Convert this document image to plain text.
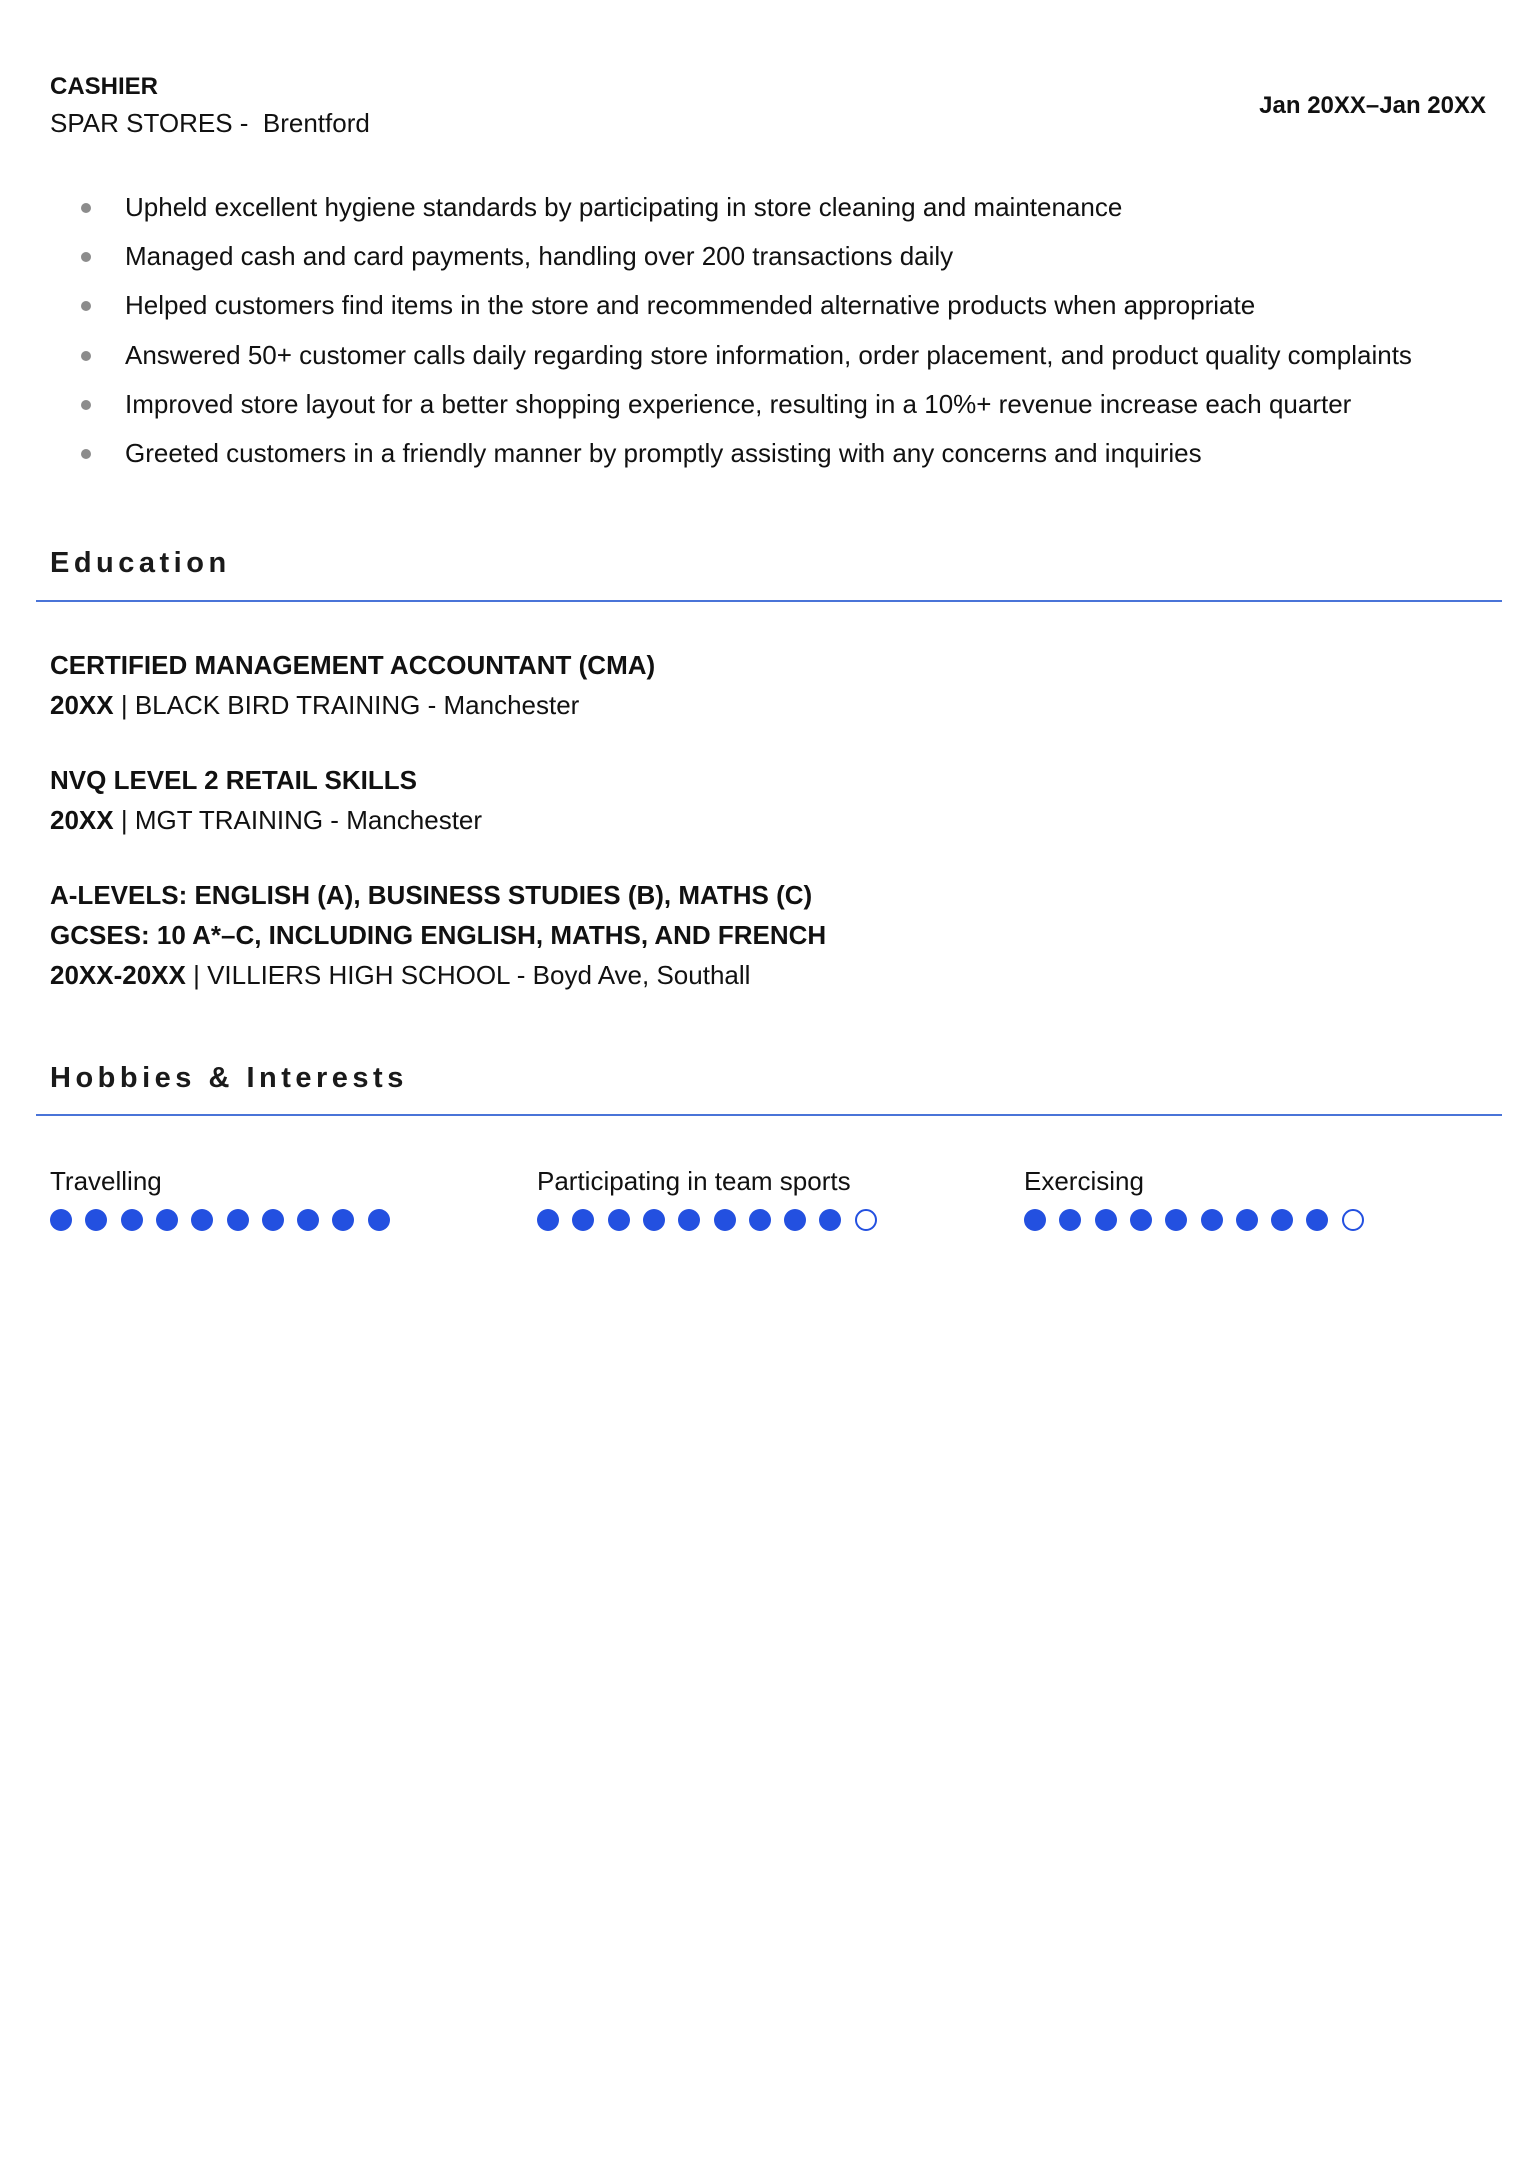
CASHIER
SPAR STORES -  Brentford
Jan 20XX–Jan 20XX
Upheld excellent hygiene standards by participating in store cleaning and maintenance
Managed cash and card payments, handling over 200 transactions daily
Helped customers find items in the store and recommended alternative products when appropriate
Answered 50+ customer calls daily regarding store information, order placement, and product quality complaints
Improved store layout for a better shopping experience, resulting in a 10%+ revenue increase each quarter
Greeted customers in a friendly manner by promptly assisting with any concerns and inquiries
Education
CERTIFIED MANAGEMENT ACCOUNTANT (CMA)
20XX | BLACK BIRD TRAINING - Manchester
NVQ LEVEL 2 RETAIL SKILLS
20XX | MGT TRAINING - Manchester
A-LEVELS: ENGLISH (A), BUSINESS STUDIES (B), MATHS (C)
GCSES: 10 A*–C, INCLUDING ENGLISH, MATHS, AND FRENCH
20XX-20XX | VILLIERS HIGH SCHOOL - Boyd Ave, Southall
Hobbies & Interests
Travelling	Participating in team sports	Exercising
